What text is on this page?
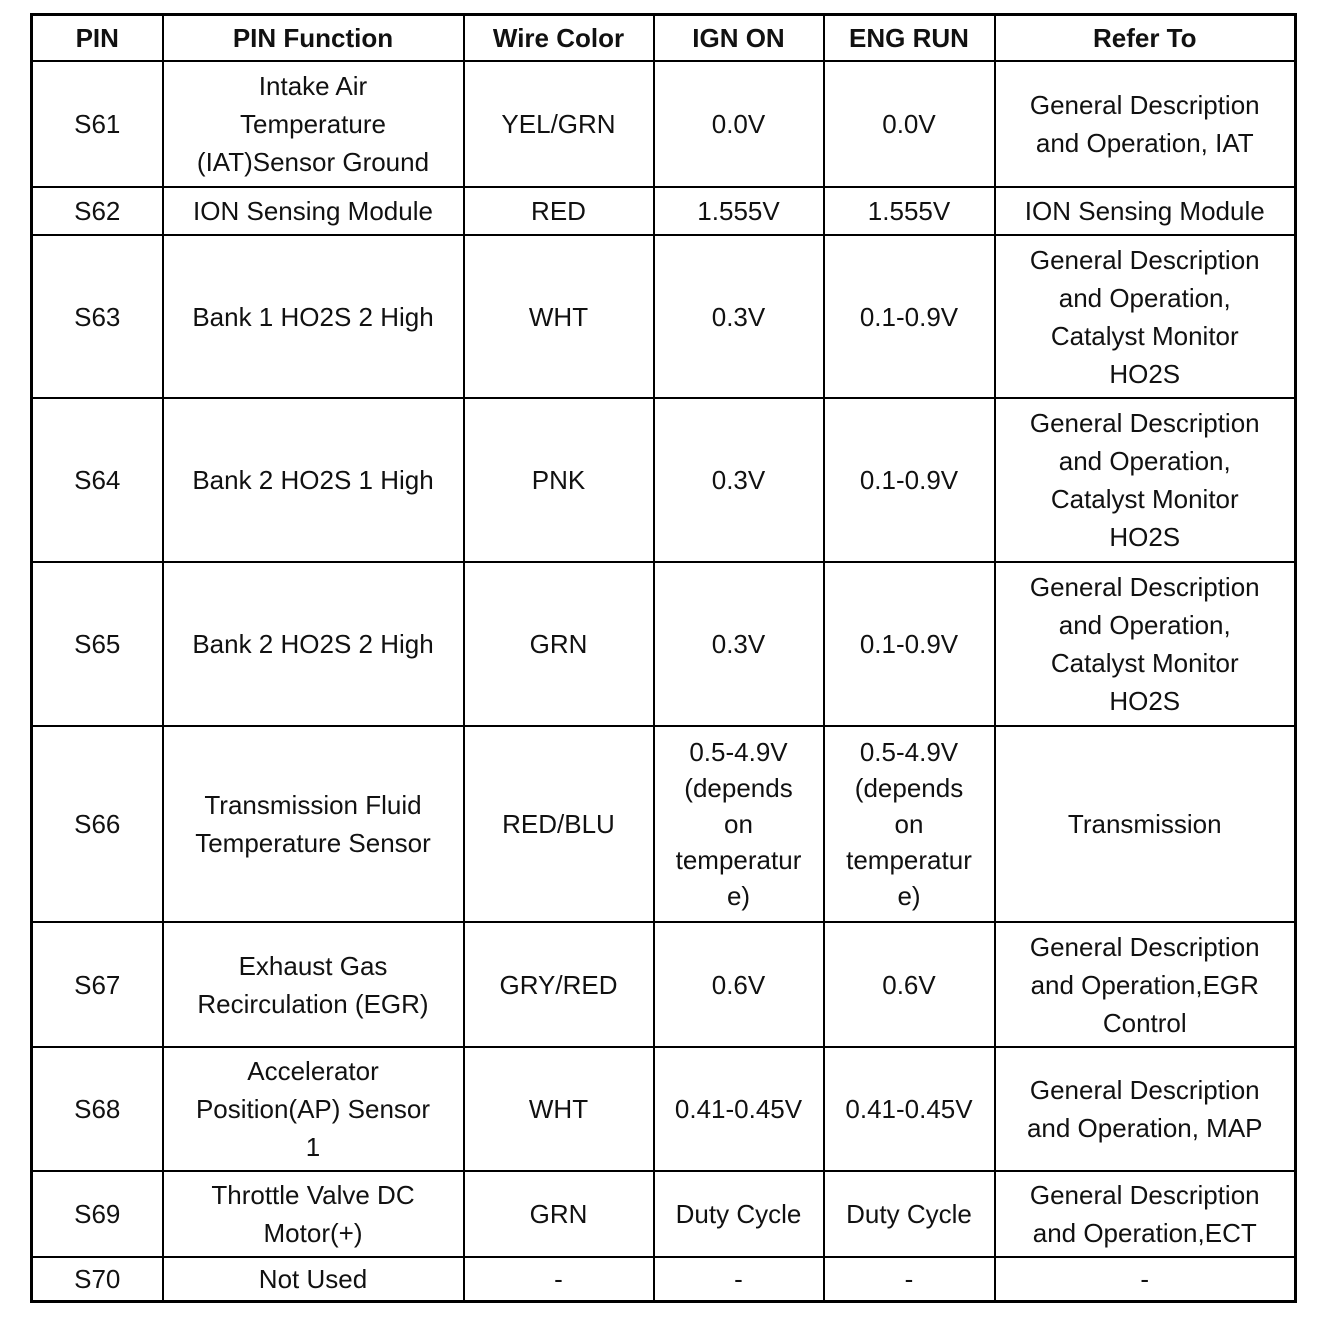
PIN	PIN Function	Wire Color	IGN ON	ENG RUN	Refer To
S61	Intake Air
Temperature
(IAT)Sensor Ground	YEL/GRN	0.0V	0.0V	General Description
and Operation, IAT
S62	ION Sensing Module	RED	1.555V	1.555V	ION Sensing Module
S63	Bank 1 HO2S 2 High	WHT	0.3V	0.1-0.9V	General Description
and Operation,
Catalyst Monitor
HO2S
S64	Bank 2 HO2S 1 High	PNK	0.3V	0.1-0.9V	General Description
and Operation,
Catalyst Monitor
HO2S
S65	Bank 2 HO2S 2 High	GRN	0.3V	0.1-0.9V	General Description
and Operation,
Catalyst Monitor
HO2S
S66	Transmission Fluid
Temperature Sensor	RED/BLU	0.5-4.9V
(depends
on
temperatur
e)	0.5-4.9V
(depends
on
temperatur
e)	Transmission
S67	Exhaust Gas
Recirculation (EGR)	GRY/RED	0.6V	0.6V	General Description
and Operation,EGR
Control
S68	Accelerator
Position(AP) Sensor
1	WHT	0.41-0.45V	0.41-0.45V	General Description
and Operation, MAP
S69	Throttle Valve DC
Motor(+)	GRN	Duty Cycle	Duty Cycle	General Description
and Operation,ECT
S70	Not Used	-	-	-	-
